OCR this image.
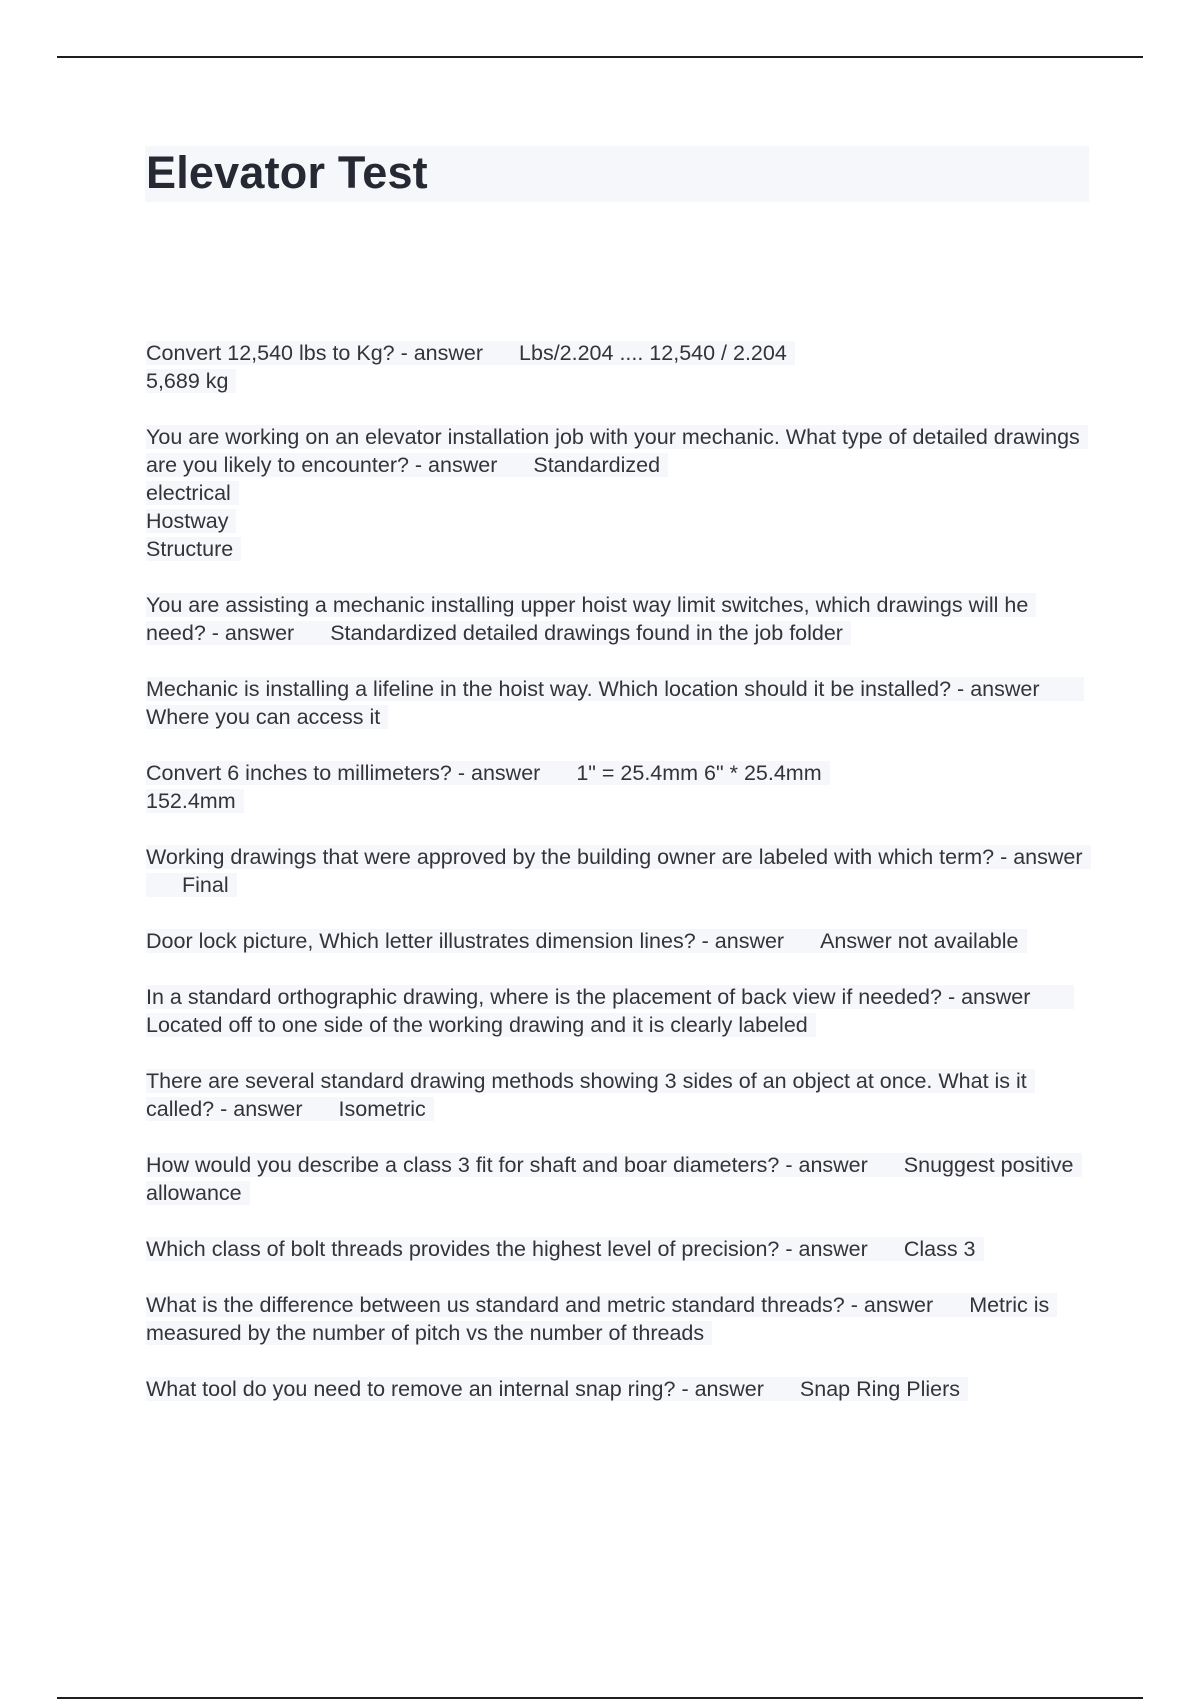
Elevator Test

Convert 12,540 lbs to Kg? - answer Lbs/2.204 .... 12,540 / 2.204
5,689 kg

You are working on an elevator installation job with your mechanic. What type of detailed drawings are you likely to encounter? - answer Standardized
electrical
Hostway
Structure

You are assisting a mechanic installing upper hoist way limit switches, which drawings will he need? - answer Standardized detailed drawings found in the job folder

Mechanic is installing a lifeline in the hoist way. Which location should it be installed? - answerWhere you can access it

Convert 6 inches to millimeters? - answer 1" = 25.4mm 6" * 25.4mm
152.4mm

Working drawings that were approved by the building owner are labeled with which term? - answerFinal

Door lock picture, Which letter illustrates dimension lines? - answer Answer not available

In a standard orthographic drawing, where is the placement of back view if needed? - answerLocated off to one side of the working drawing and it is clearly labeled

There are several standard drawing methods showing 3 sides of an object at once. What is it called? - answer Isometric

How would you describe a class 3 fit for shaft and boar diameters? - answer Snuggest positive allowance

Which class of bolt threads provides the highest level of precision? - answer Class 3

What is the difference between us standard and metric standard threads? - answer Metric is measured by the number of pitch vs the number of threads

What tool do you need to remove an internal snap ring? - answer Snap Ring Pliers
